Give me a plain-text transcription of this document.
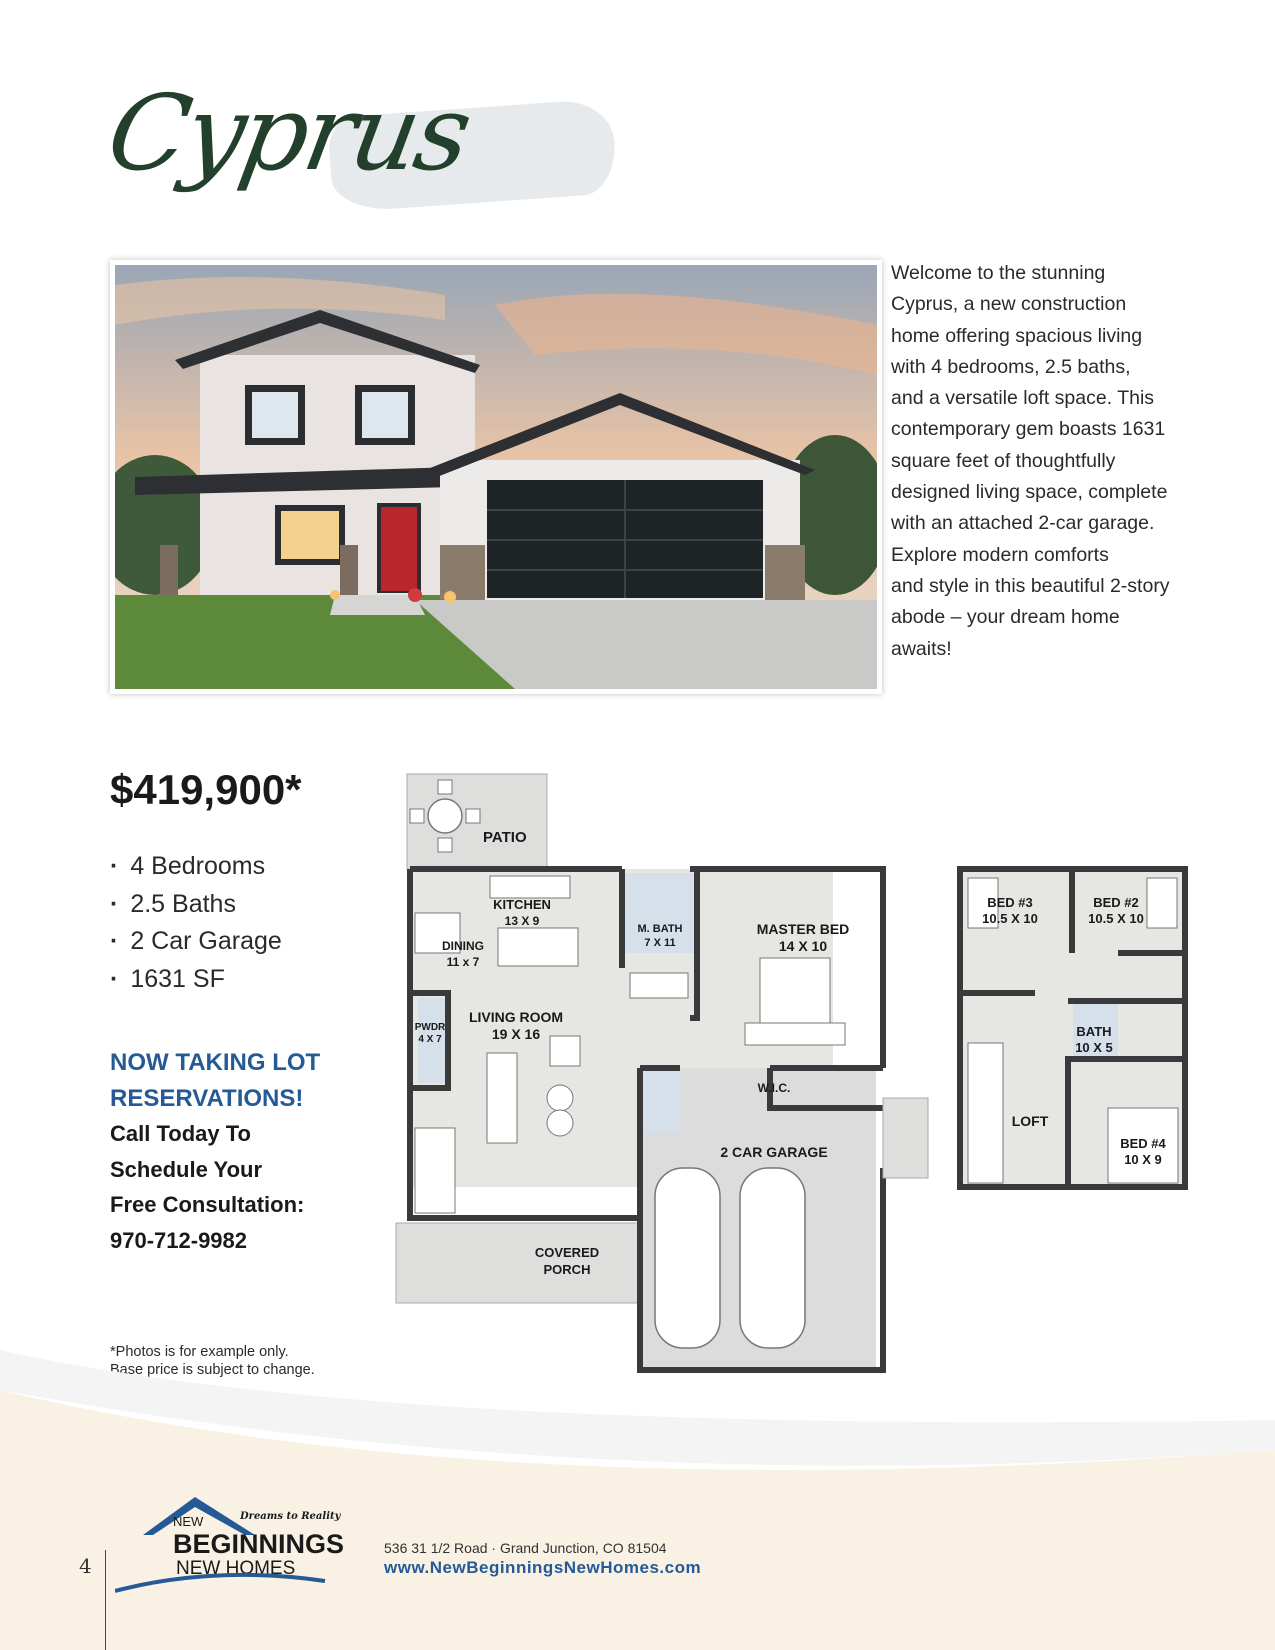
Cyprus
Welcome to the stunning
Cyprus, a new construction
home offering spacious living
with 4 bedrooms, 2.5 baths,
and a versatile loft space. This
contemporary gem boasts 1631
square feet of thoughtfully
designed living space, complete
with an attached 2-car garage.
Explore modern comforts
and style in this beautiful 2-story
abode – your dream home
awaits!
$419,900*
· 4 Bedrooms
· 2.5 Baths
· 2 Car Garage
· 1631 SF
NOW TAKING LOT
RESERVATIONS!
Call Today To
Schedule Your
Free Consultation:
970-712-9982
*Photos is for example only.
Base price is subject to change.
PATIO
KITCHEN
13 X 9
DINING
11 x 7
M. BATH
7 X 11
MASTER BED
14 X 10
LIVING ROOM
19 X 16
PWDR
4 X 7
W.I.C.
2 CAR GARAGE
COVERED
PORCH
BED #3
10.5 X 10
BED #2
10.5 X 10
BATH
10 X 5
LOFT
BED #4
10 X 9
4
Dreams to Reality
NEW
BEGINNINGS
NEW HOMES
536 31 1/2 Road · Grand Junction, CO 81504
www.NewBeginningsNewHomes.com
